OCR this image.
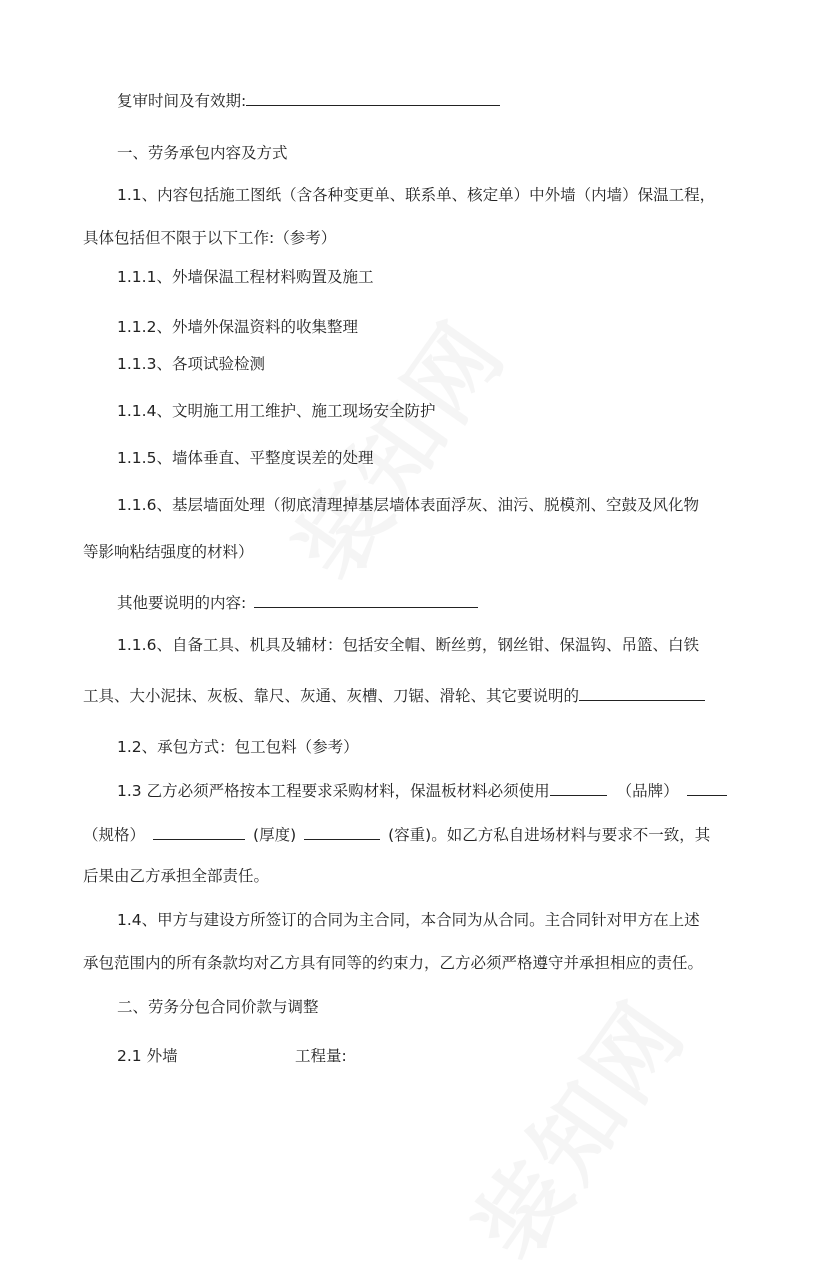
复审时间及有效期:
一、劳务承包内容及方式
1.1、内容包括施工图纸（含各种变更单、联系单、核定单）中外墙（内墙）保温工程，
具体包括但不限于以下工作:（参考）
1.1.1、外墙保温工程材料购置及施工
1.1.2、外墙外保温资料的收集整理
1.1.3、各项试验检测
1.1.4、文明施工用工维护、施工现场安全防护
1.1.5、墙体垂直、平整度误差的处理
1.1.6、基层墙面处理（彻底清理掉基层墙体表面浮灰、油污、脱模剂、空鼓及风化物
等影响粘结强度的材料）
其他要说明的内容:
1.1.6、自备工具、机具及辅材：包括安全帽、断丝剪，钢丝钳、保温钩、吊篮、白铁
工具、大小泥抹、灰板、靠尺、灰通、灰槽、刀锯、滑轮、其它要说明的
1.2、承包方式：包工包料（参考）
1.3 乙方必须严格按本工程要求采购材料，保温板材料必须使用	（品牌）
（规格）	(厚度)	(容重)。如乙方私自进场材料与要求不一致，其
后果由乙方承担全部责任。
1.4、甲方与建设方所签订的合同为主合同，本合同为从合同。主合同针对甲方在上述
承包范围内的所有条款均对乙方具有同等的约束力，乙方必须严格遵守并承担相应的责任。
二、劳务分包合同价款与调整
2.1 外墙	工程量:
